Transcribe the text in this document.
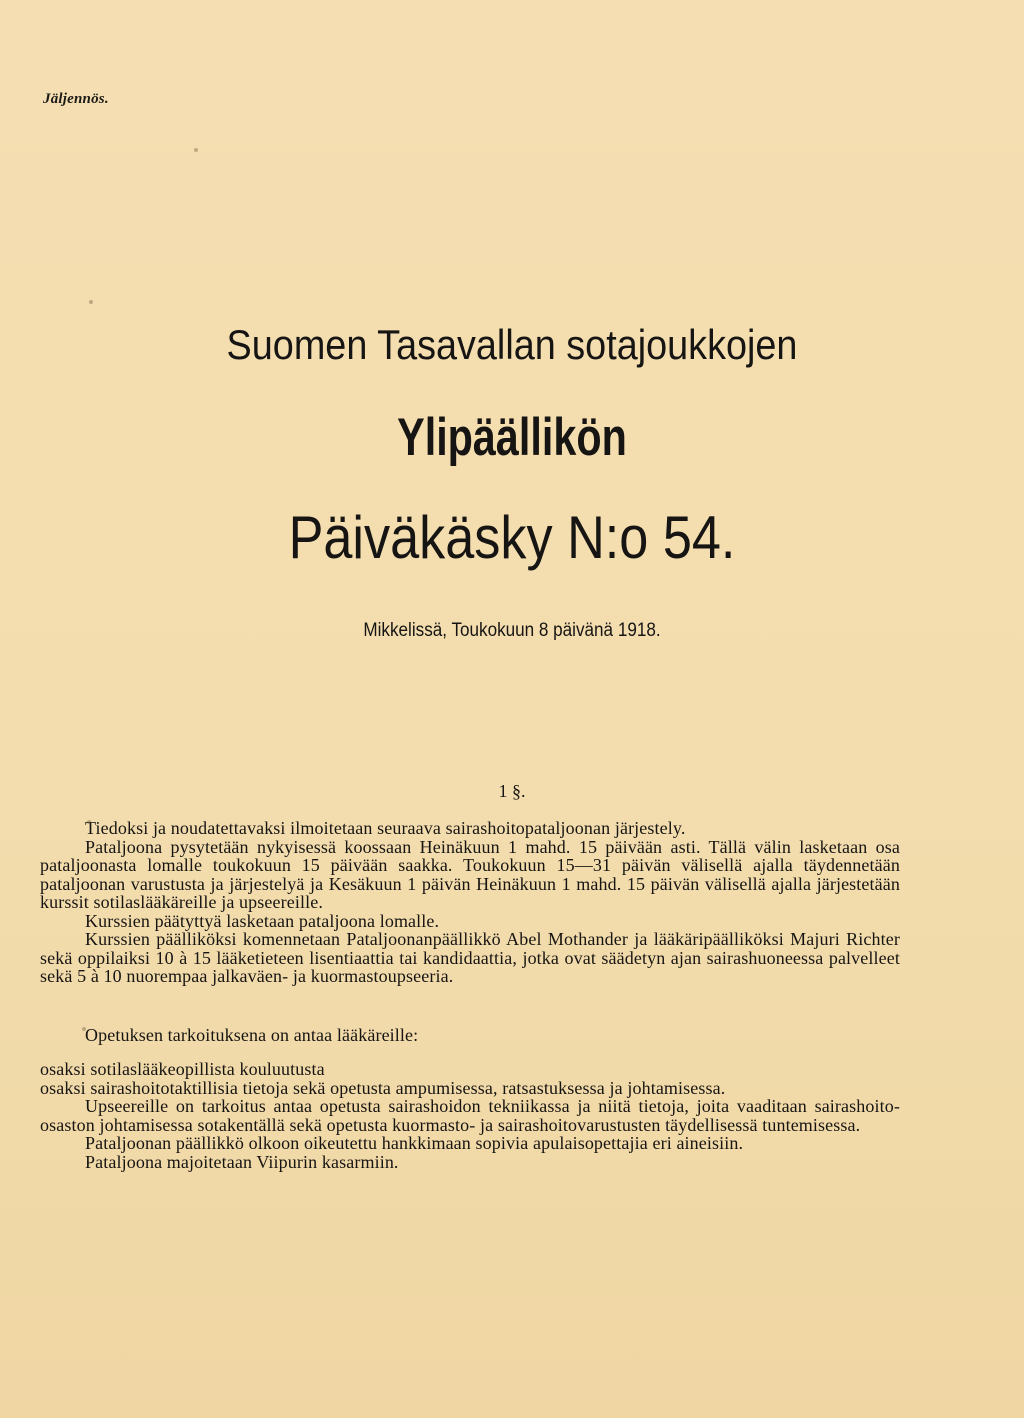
Jäljennös.
Suomen Tasavallan sotajoukkojen
Ylipäällikön
Päiväkäsky N:o 54.
Mikkelissä, Toukokuun 8 päivänä 1918.
1 §.

Tiedoksi ja noudatettavaksi ilmoitetaan seuraava sairashoitopataljoonan järjestely.

Pataljoona pysytetään nykyisessä koossaan Heinäkuun 1 mahd. 15 päivään asti. Tällä välin lasketaan osa pataljoonasta lomalle toukokuun 15 päivään saakka. Toukokuun 15—31 päivän välisellä ajalla täydennetään pataljoonan varustusta ja järjestelyä ja Kesäkuun 1 päivän Heinäkuun 1 mahd. 15 päivän välisellä ajalla järjestetään kurssit sotilaslääkäreille ja upseereille.

Kurssien päätyttyä lasketaan pataljoona lomalle.

Kurssien päälliköksi komennetaan Pataljoonanpäällikkö Abel Mothander ja lääkäripäälliköksi Majuri Richter sekä oppilaiksi 10 à 15 lääketieteen lisentiaattia tai kandidaattia, jotka ovat säädetyn ajan sairashuoneessa palvelleet sekä 5 à 10 nuorempaa jalkaväen- ja kuormastoupseeria.

Opetuksen tarkoituksena on antaa lääkäreille:

osaksi sotilaslääkeopillista kouluutusta

osaksi sairashoitotaktillisia tietoja sekä opetusta ampumisessa, ratsastuksessa ja johtamisessa.

Upseereille on tarkoitus antaa opetusta sairashoidon tekniikassa ja niitä tietoja, joita vaaditaan sairashoito-osaston johtamisessa sotakentällä sekä opetusta kuormasto- ja sairashoitovarustusten täydellisessä tuntemisessa.

Pataljoonan päällikkö olkoon oikeutettu hankkimaan sopivia apulaisopettajia eri aineisiin.

Pataljoona majoitetaan Viipurin kasarmiin.
